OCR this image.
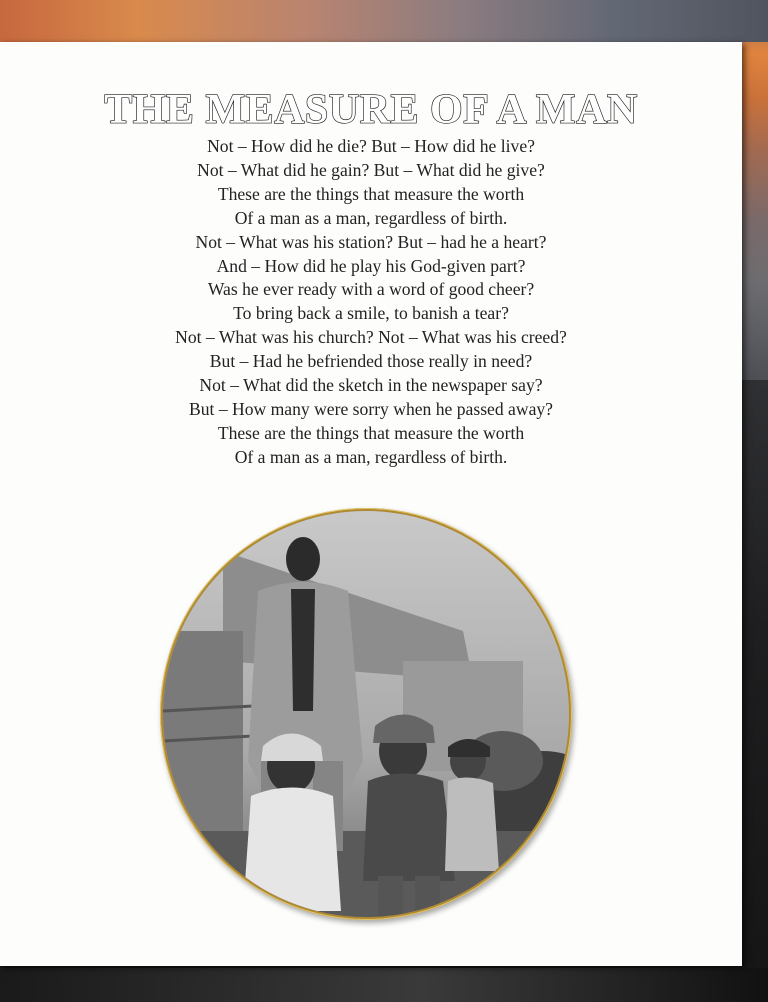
THE MEASURE OF A MAN
Not – How did he die? But – How did he live?
Not – What did he gain? But – What did he give?
These are the things that measure the worth
Of a man as a man, regardless of birth.
Not – What was his station? But – had he a heart?
And – How did he play his God-given part?
Was he ever ready with a word of good cheer?
To bring back a smile, to banish a tear?
Not – What was his church? Not – What was his creed?
But – Had he befriended those really in need?
Not – What did the sketch in the newspaper say?
But – How many were sorry when he passed away?
These are the things that measure the worth
Of a man as a man, regardless of birth.
